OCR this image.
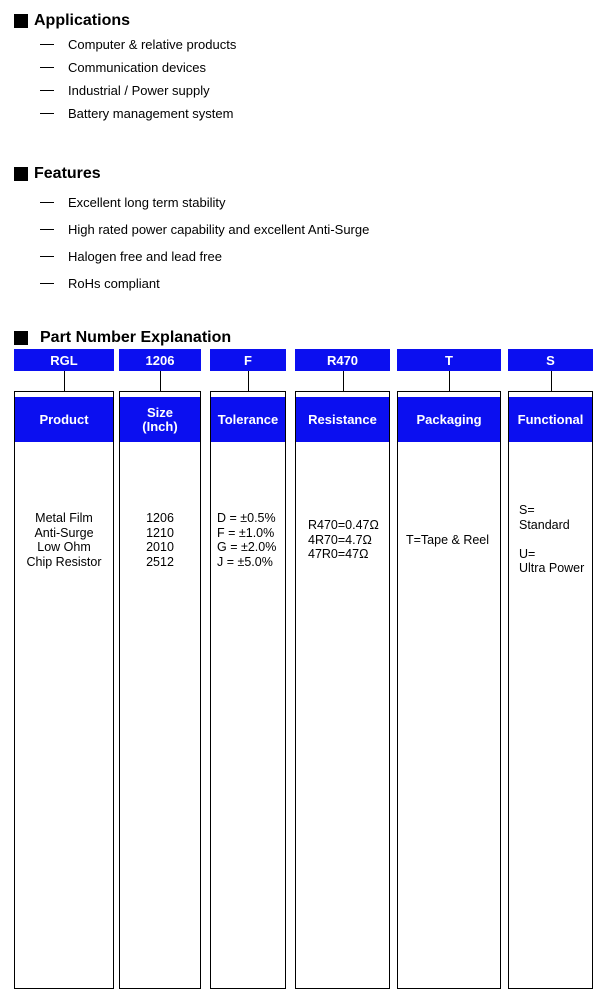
Applications
Computer & relative products
Communication devices
Industrial / Power supply
Battery management system
Features
Excellent long term stability
High rated power capability and excellent Anti-Surge
Halogen free and lead free
RoHs compliant
Part Number Explanation
RGL
Product
Metal Film
Anti-Surge
Low Ohm
Chip Resistor
1206
Size
(Inch)
1206
1210
2010
2512
F
Tolerance
D = ±0.5%
F = ±1.0%
G = ±2.0%
J = ±5.0%
R470
Resistance
R470=0.47Ω
4R70=4.7Ω
47R0=47Ω
T
Packaging
T=Tape & Reel
S
Functional
S=
Standard
U=
Ultra Power
